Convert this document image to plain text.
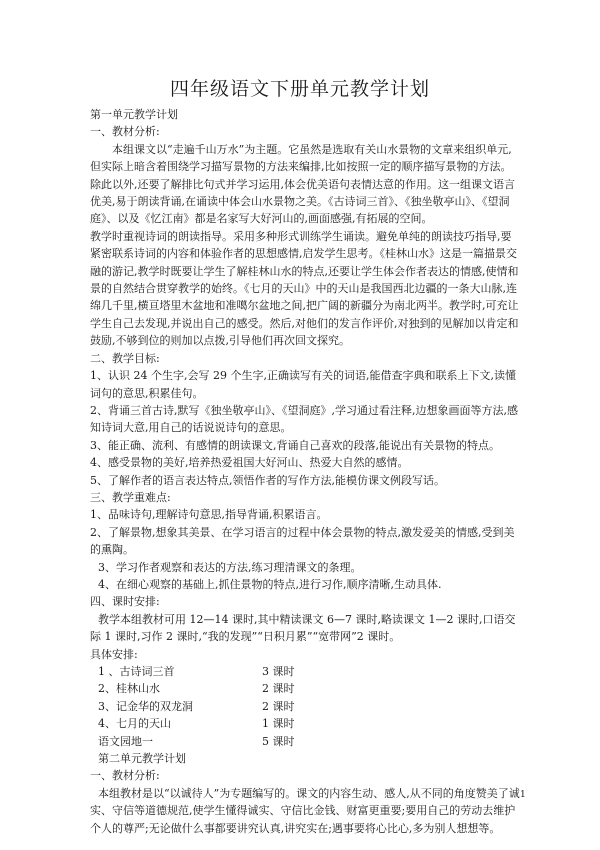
四年级语文下册单元教学计划

第一单元教学计划

一、教材分析:

本组课文以“走遍千山万水”为主题。它虽然是选取有关山水景物的文章来组织单元,但实际上暗含着围绕学习描写景物的方法来编排,比如按照一定的顺序描写景物的方法。除此以外,还要了解排比句式并学习运用,体会优美语句表情达意的作用。这一组课文语言优美,易于朗读背诵,在诵读中体会山水景物之美。《古诗词三首》、《独坐敬亭山》、《望洞庭》、以及《忆江南》都是名家写大好河山的,画面感强,有拓展的空间。

教学时重视诗词的朗读指导。采用多种形式训练学生诵读。避免单纯的朗读技巧指导,要紧密联系诗词的内容和体验作者的思想感情,启发学生思考。《桂林山水》这是一篇描景交融的游记,教学时既要让学生了解桂林山水的特点,还要让学生体会作者表达的情感,使情和景的自然结合贯穿教学的始终。《七月的天山》中的天山是我国西北边疆的一条大山脉,连绵几千里,横亘塔里木盆地和准噶尔盆地之间,把广阔的新疆分为南北两半。教学时,可充让学生自己去发现,并说出自己的感受。然后,对他们的发言作评价,对独到的见解加以肯定和鼓励,不够到位的则加以点拨,引导他们再次回文探究。

二、教学目标:

1、认识 24 个生字,会写 29 个生字,正确读写有关的词语,能借查字典和联系上下文,读懂词句的意思,积累佳句。

2、背诵三首古诗,默写《独坐敬亭山》、《望洞庭》,学习通过看注释,边想象画面等方法,感知诗词大意,用自己的话说说诗句的意思。

3、能正确、流利、有感情的朗读课文,背诵自己喜欢的段落,能说出有关景物的特点。

4、感受景物的美好,培养热爱祖国大好河山、热爱大自然的感情。

5、了解作者的语言表达特点,领悟作者的写作方法,能模仿课文例段写话。

三、教学重难点:

1、品味诗句,理解诗句意思,指导背诵,积累语言。

2、了解景物,想象其美景、在学习语言的过程中体会景物的特点,激发爱美的情感,受到美的熏陶。

3、学习作者观察和表达的方法,练习理清课文的条理。

4、在细心观察的基础上,抓住景物的特点,进行习作,顺序清晰,生动具体.

四、课时安排:

教学本组教材可用 12—14 课时,其中精读课文 6—7 课时,略读课文 1—2 课时,口语交际 1 课时,习作 2 课时,“我的发现”“日积月累”“宽带网”2 课时。

具体安排:

1 、古诗词三首	3 课时
2、桂林山水	2 课时
3、记金华的双龙洞	2 课时
4、七月的天山	1 课时
语文园地一	5 课时

第二单元教学计划

一、教材分析:

本组教材是以“以诚待人”为专题编写的。课文的内容生动、感人,从不同的角度赞美了诚实、守信等道德规范,使学生懂得诚实、守信比金钱、财富更重要;要用自己的劳动去维护个人的尊严;无论做什么事都要讲究认真,讲究实在;遇事要将心比心,多为别人想想等。

1
